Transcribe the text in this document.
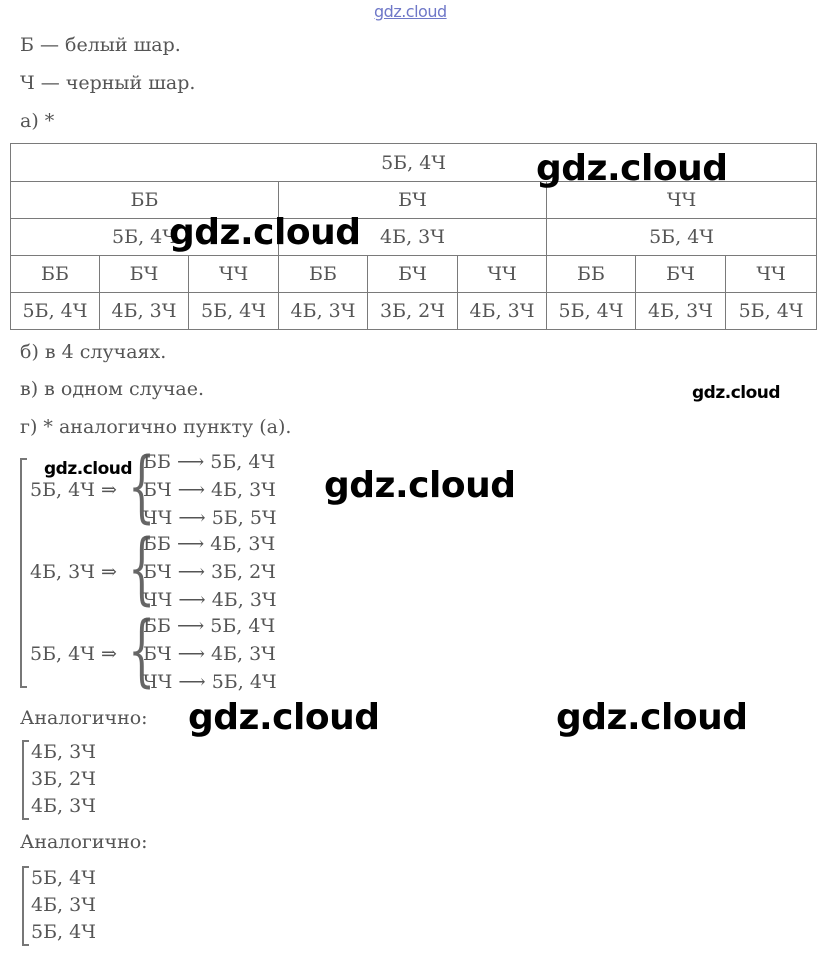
gdz.cloud
Б — белый шар.
Ч — черный шар.
а) *
5Б, 4Ч								
ББ			БЧ			ЧЧ		
5Б, 4Ч			4Б, 3Ч			5Б, 4Ч		
ББ	БЧ	ЧЧ	ББ	БЧ	ЧЧ	ББ	БЧ	ЧЧ
5Б, 4Ч	4Б, 3Ч	5Б, 4Ч	4Б, 3Ч	3Б, 2Ч	4Б, 3Ч	5Б, 4Ч	4Б, 3Ч	5Б, 4Ч
б) в 4 случаях.
в) в одном случае.
г) * аналогично пункту (а).
5Б, 4Ч ⇒ {
ББ ⟶ 5Б, 4Ч
БЧ ⟶ 4Б, 3Ч
ЧЧ ⟶ 5Б, 5Ч
4Б, 3Ч ⇒ {
ББ ⟶ 4Б, 3Ч
БЧ ⟶ 3Б, 2Ч
ЧЧ ⟶ 4Б, 3Ч
5Б, 4Ч ⇒ {
ББ ⟶ 5Б, 4Ч
БЧ ⟶ 4Б, 3Ч
ЧЧ ⟶ 5Б, 4Ч
Аналогично:
4Б, 3Ч
3Б, 2Ч
4Б, 3Ч
Аналогично:
5Б, 4Ч
4Б, 3Ч
5Б, 4Ч
gdz.cloud
gdz.cloud
gdz.cloud
gdz.cloud	gdz.cloud
gdz.cloud	gdz.cloud
